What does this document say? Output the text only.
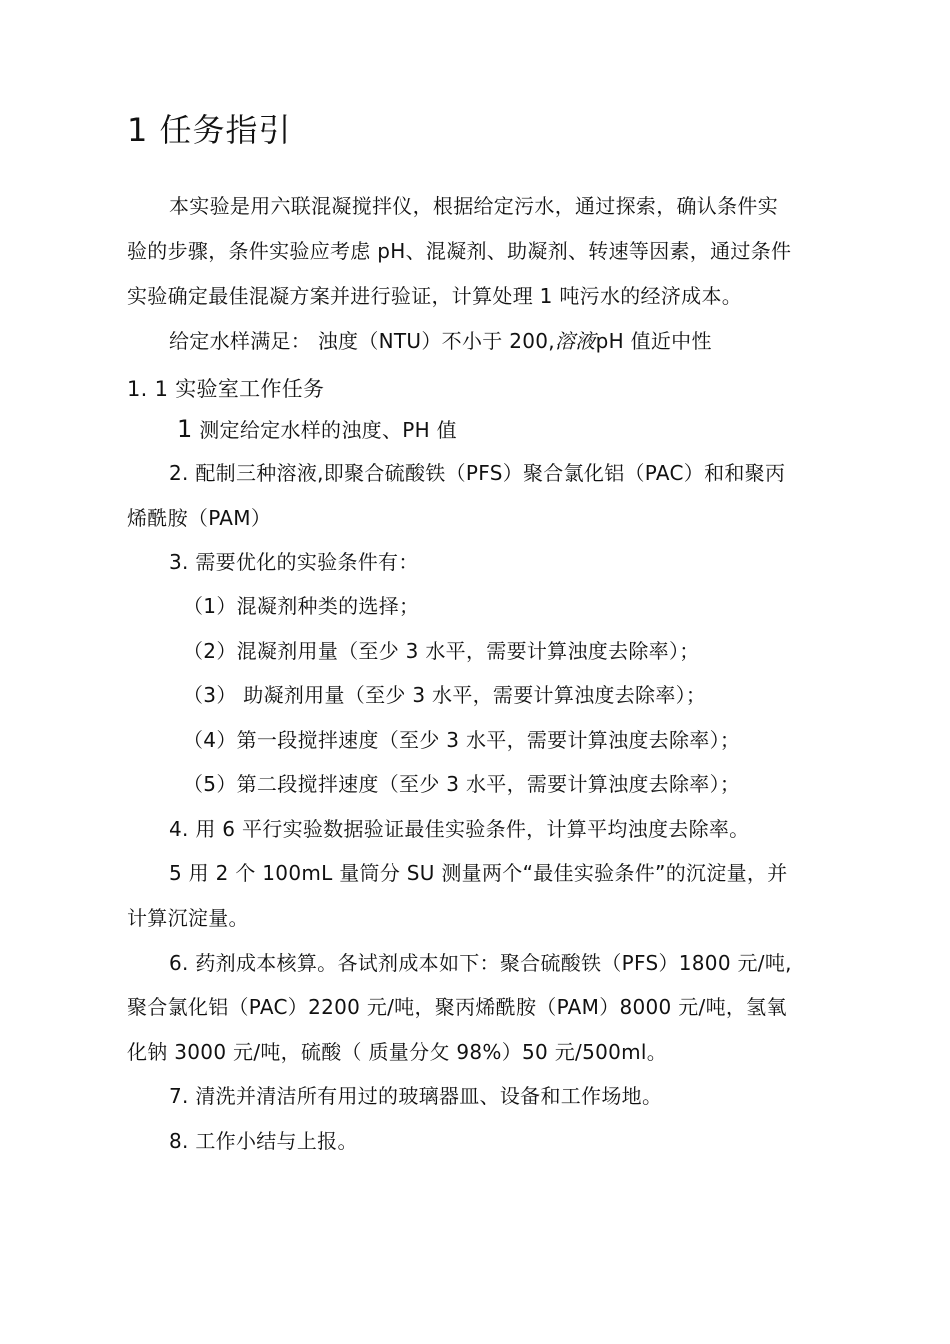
1 任务指引
本实验是用六联混凝搅拌仪，根据给定污水，通过探索，确认条件实
验的步骤，条件实验应考虑 pH、混凝剂、助凝剂、转速等因素，通过条件
实验确定最佳混凝方案并进行验证，计算处理 1 吨污水的经济成本。
给定水样满足： 浊度（NTU）不小于 200,溶液pH 值近中性
1. 1 实验室工作任务
1 测定给定水样的浊度、PH 值
2. 配制三种溶液,即聚合硫酸铁（PFS）聚合氯化铝（PAC）和和聚丙
烯酰胺（PAM）
3. 需要优化的实验条件有：
（1）混凝剂种类的选择；
（2）混凝剂用量（至少 3 水平，需要计算浊度去除率）；
（3） 助凝剂用量（至少 3 水平，需要计算浊度去除率）；
（4）第一段搅拌速度（至少 3 水平，需要计算浊度去除率）；
（5）第二段搅拌速度（至少 3 水平，需要计算浊度去除率）；
4. 用 6 平行实验数据验证最佳实验条件，计算平均浊度去除率。
5 用 2 个 100mL 量筒分 SU 测量两个“最佳实验条件”的沉淀量，并
计算沉淀量。
6. 药剂成本核算。各试剂成本如下：聚合硫酸铁（PFS）1800 元/吨,
聚合氯化铝（PAC）2200 元/吨，聚丙烯酰胺（PAM）8000 元/吨，氢氧
化钠 3000 元/吨，硫酸（ 质量分攵 98%）50 元/500ml。
7. 清洗并清洁所有用过的玻璃器皿、设备和工作场地。
8. 工作小结与上报。
